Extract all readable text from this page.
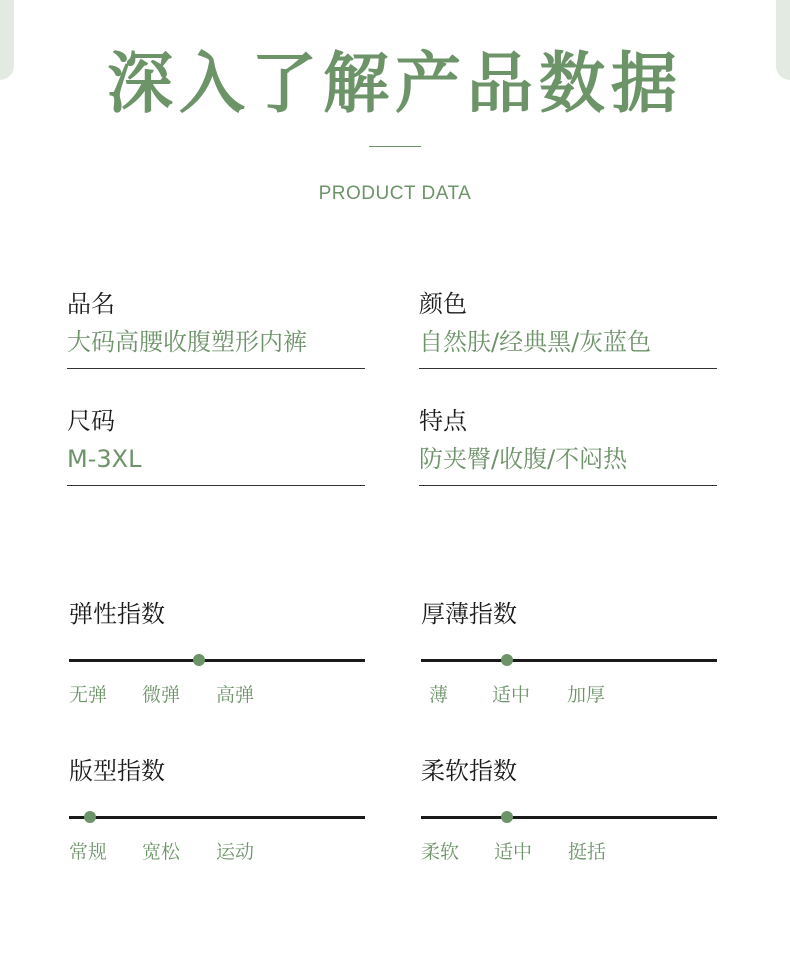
深入了解产品数据
PRODUCT DATA
品名
大码高腰收腹塑形内裤
颜色
自然肤/经典黑/灰蓝色
尺码
M-3XL
特点
防夹臀/收腹/不闷热
弹性指数
无弹 微弹 高弹
厚薄指数
薄 适中 加厚
版型指数
常规 宽松 运动
柔软指数
柔软 适中 挺括
